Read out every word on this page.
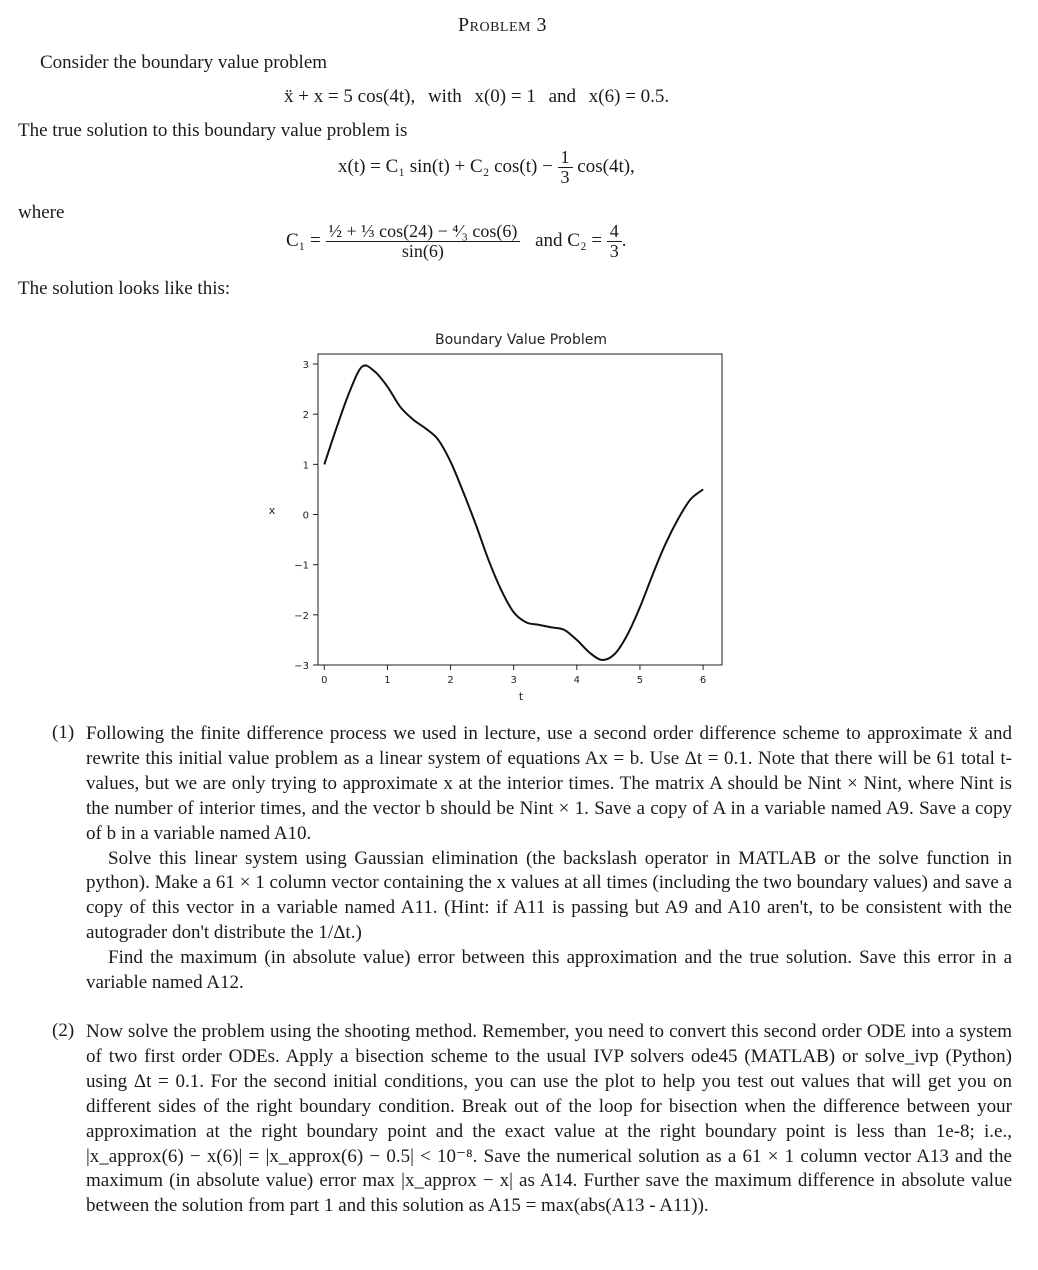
Problem 3
Consider the boundary value problem
ẍ + x = 5 cos(4t), with x(0) = 1 and x(6) = 0.5.
The true solution to this boundary value problem is
x(t) = C₁ sin(t) + C₂ $\cos(t) - \frac{1}{3} \cos(4t)$,
where
$C_1 = \frac{\text{½ + ⅓ cos(24) − ⁴⁄₃ cos(6)}}{\sin(6)}$ and $C_2 = \frac{4}{3}$ .
The solution looks like this:
Boundary Value Problem
0	1	2	3	4	5	6
3
2
1
0
−1
−2
−3
t
x
(1) Following the finite difference process we used in lecture, use a second order difference scheme to approximate ẍ and rewrite this initial value problem as a linear system of equations Ax = b. Use Δt = 0.1. Note that there will be 61 total t-values, but we are only trying to approximate x at the interior times. The matrix A should be Nint × Nint, where Nint is the number of interior times, and the vector b should be Nint × 1. Save a copy of A in a variable named A9. Save a copy of b in a variable named A10.

Solve this linear system using Gaussian elimination (the backslash operator in MATLAB or the solve function in python). Make a 61 × 1 column vector containing the x values at all times (including the two boundary values) and save a copy of this vector in a variable named A11. (Hint: if A11 is passing but A9 and A10 aren't, to be consistent with the autograder don't distribute the 1/Δt.)

Find the maximum (in absolute value) error between this approximation and the true solution. Save this error in a variable named A12.

(2) Now solve the problem using the shooting method. Remember, you need to convert this second order ODE into a system of two first order ODEs. Apply a bisection scheme to the usual IVP solvers ode45 (MATLAB) or solve_ivp (Python) using Δt = 0.1. For the second initial conditions, you can use the plot to help you test out values that will get you on different sides of the right boundary condition. Break out of the loop for bisection when the difference between your approximation at the right boundary point and the exact value at the right boundary point is less than 1e-8; i.e., |x_approx(6) − x(6)| = |x_approx(6) − 0.5| < 10⁻⁸. Save the numerical solution as a 61 × 1 column vector A13 and the maximum (in absolute value) error max |x_approx − x| as A14. Further save the maximum difference in absolute value between the solution from part 1 and this solution as A15 = max(abs(A13 - A11)).
